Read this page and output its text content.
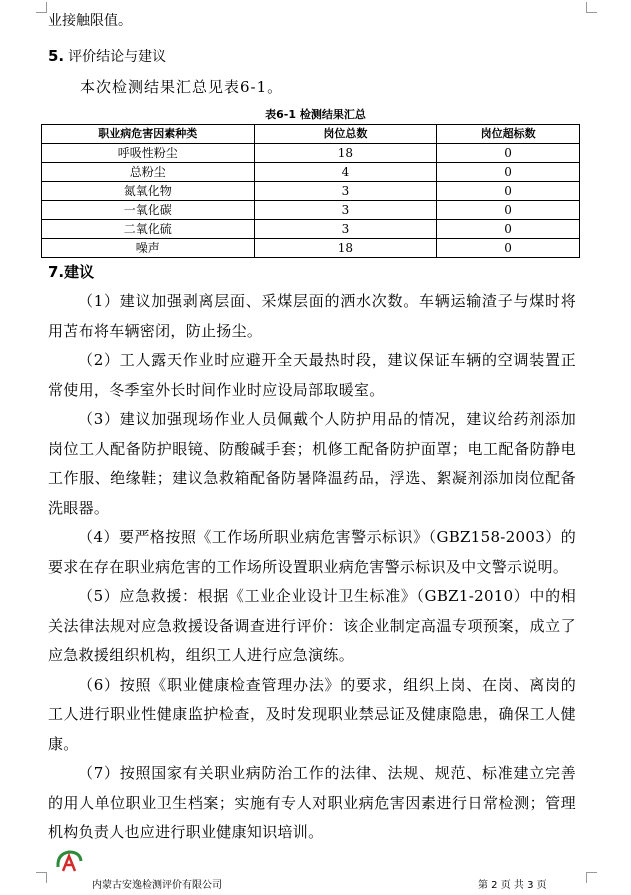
业接触限值。
5. 评价结论与建议
本次检测结果汇总见表6-1。
表6-1 检测结果汇总
职业病危害因素种类	岗位总数	岗位超标数
呼吸性粉尘	18	0
总粉尘	4	0
氮氧化物	3	0
一氧化碳	3	0
二氧化硫	3	0
噪声	18	0
7.建议

（1）建议加强剥离层面、采煤层面的洒水次数。车辆运输渣子与煤时将用苫布将车辆密闭，防止扬尘。

（2）工人露天作业时应避开全天最热时段，建议保证车辆的空调装置正常使用，冬季室外长时间作业时应设局部取暖室。

（3）建议加强现场作业人员佩戴个人防护用品的情况，建议给药剂添加岗位工人配备防护眼镜、防酸碱手套；机修工配备防护面罩；电工配备防静电工作服、绝缘鞋；建议急救箱配备防暑降温药品，浮选、絮凝剂添加岗位配备洗眼器。

（4）要严格按照《工作场所职业病危害警示标识》（GBZ158-2003）的要求在存在职业病危害的工作场所设置职业病危害警示标识及中文警示说明。

（5）应急救援：根据《工业企业设计卫生标准》（GBZ1-2010）中的相关法律法规对应急救援设备调查进行评价：该企业制定高温专项预案，成立了应急救援组织机构，组织工人进行应急演练。

（6）按照《职业健康检查管理办法》的要求，组织上岗、在岗、离岗的工人进行职业性健康监护检查，及时发现职业禁忌证及健康隐患，确保工人健康。

（7）按照国家有关职业病防治工作的法律、法规、规范、标准建立完善的用人单位职业卫生档案；实施有专人对职业病危害因素进行日常检测；管理机构负责人也应进行职业健康知识培训。

内蒙古安逸检测评价有限公司	第 2 页 共 3 页
